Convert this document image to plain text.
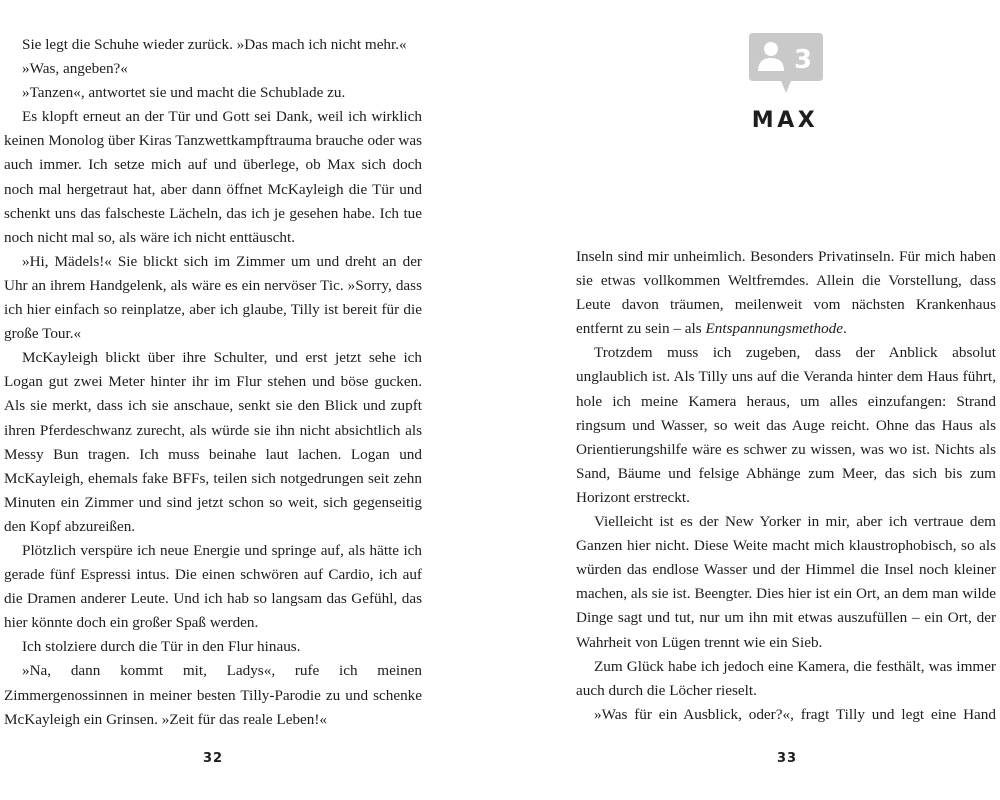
Sie legt die Schuhe wieder zurück. »Das mach ich nicht mehr.«

»Was, angeben?«

»Tanzen«, antwortet sie und macht die Schublade zu.

Es klopft erneut an der Tür und Gott sei Dank, weil ich wirklich keinen Monolog über Kiras Tanzwettkampftrauma brauche oder was auch immer. Ich setze mich auf und überlege, ob Max sich doch noch mal hergetraut hat, aber dann öffnet McKayleigh die Tür und schenkt uns das falscheste Lächeln, das ich je gesehen habe. Ich tue noch nicht mal so, als wäre ich nicht enttäuscht.

»Hi, Mädels!« Sie blickt sich im Zimmer um und dreht an der Uhr an ihrem Handgelenk, als wäre es ein nervöser Tic. »Sorry, dass ich hier einfach so reinplatze, aber ich glaube, Tilly ist bereit für die große Tour.«

McKayleigh blickt über ihre Schulter, und erst jetzt sehe ich Logan gut zwei Meter hinter ihr im Flur stehen und böse gucken. Als sie merkt, dass ich sie anschaue, senkt sie den Blick und zupft ihren Pferdeschwanz zurecht, als würde sie ihn nicht absichtlich als Messy Bun tragen. Ich muss beinahe laut lachen. Logan und McKayleigh, ehemals fake BFFs, teilen sich notgedrungen seit zehn Minuten ein Zimmer und sind jetzt schon so weit, sich gegenseitig den Kopf abzureißen.

Plötzlich verspüre ich neue Energie und springe auf, als hätte ich gerade fünf Espressi intus. Die einen schwören auf Cardio, ich auf die Dramen anderer Leute. Und ich hab so langsam das Gefühl, das hier könnte doch ein großer Spaß werden.

Ich stolziere durch die Tür in den Flur hinaus.

»Na, dann kommt mit, Ladys«, rufe ich meinen Zimmergenossinnen in meiner besten Tilly-Parodie zu und schenke McKayleigh ein Grinsen. »Zeit für das reale Leben!«

32
3
MAX

Inseln sind mir unheimlich. Besonders Privatinseln. Für mich haben sie etwas vollkommen Weltfremdes. Allein die Vorstellung, dass Leute davon träumen, meilenweit vom nächsten Krankenhaus entfernt zu sein – als Entspannungsmethode.

Trotzdem muss ich zugeben, dass der Anblick absolut unglaublich ist. Als Tilly uns auf die Veranda hinter dem Haus führt, hole ich meine Kamera heraus, um alles einzufangen: Strand ringsum und Wasser, so weit das Auge reicht. Ohne das Haus als Orientierungshilfe wäre es schwer zu wissen, was wo ist. Nichts als Sand, Bäume und felsige Abhänge zum Meer, das sich bis zum Horizont erstreckt.

Vielleicht ist es der New Yorker in mir, aber ich vertraue dem Ganzen hier nicht. Diese Weite macht mich klaustrophobisch, so als würden das endlose Wasser und der Himmel die Insel noch kleiner machen, als sie ist. Beengter. Dies hier ist ein Ort, an dem man wilde Dinge sagt und tut, nur um ihn mit etwas auszufüllen – ein Ort, der Wahrheit von Lügen trennt wie ein Sieb.

Zum Glück habe ich jedoch eine Kamera, die festhält, was immer auch durch die Löcher rieselt.

»Was für ein Ausblick, oder?«, fragt Tilly und legt eine Hand

33
